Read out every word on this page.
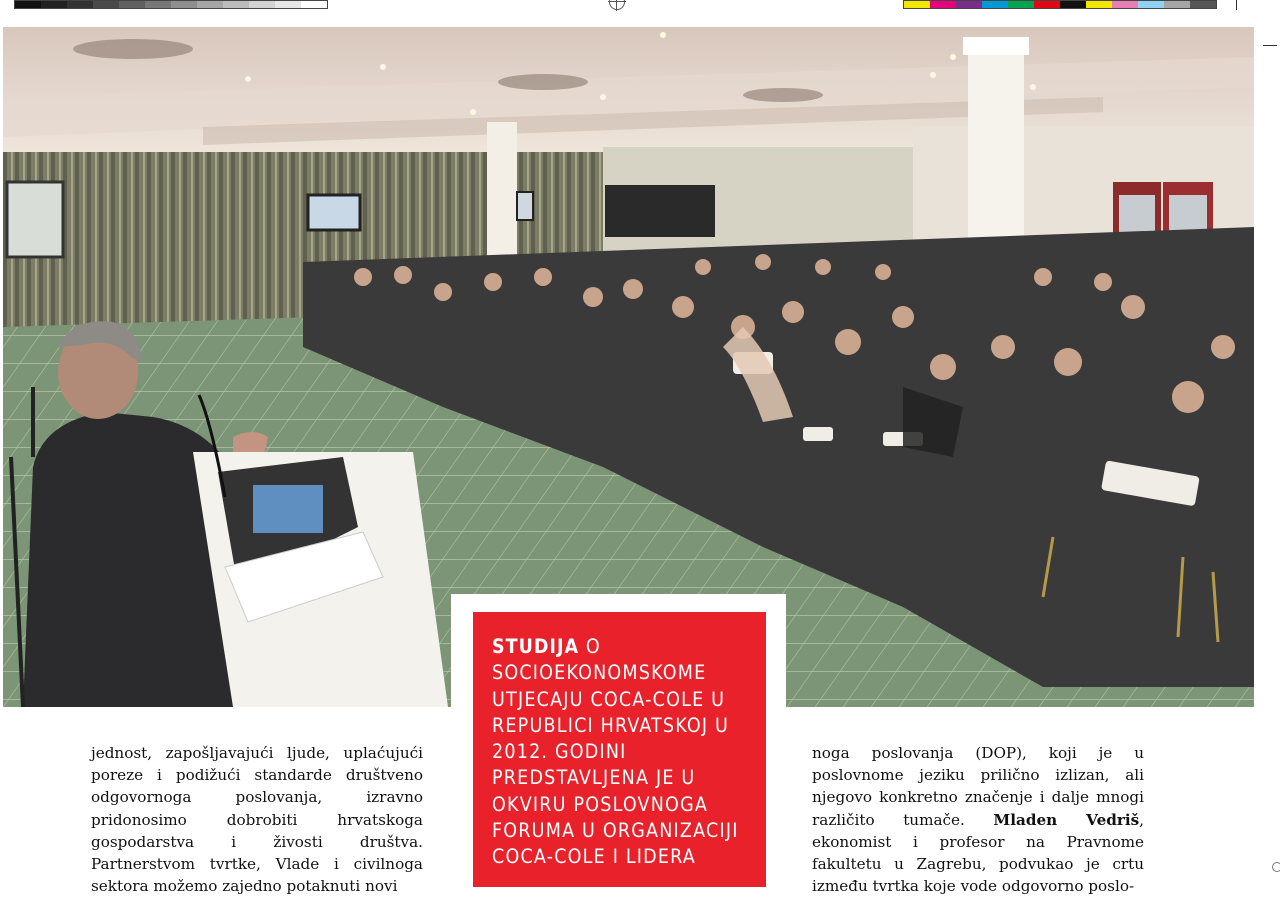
STUDIJA O SOCIOEKONOMSKOME UTJECAJU COCA-COLE U REPUBLICI HRVATSKOJ U 2012. GODINI PREDSTAVLJENA JE U OKVIRU POSLOVNOGA FORUMA U ORGANIZACIJI COCA-COLE I LIDERA

jednost, zapošljavajući ljude, uplaćujući poreze i podižući standarde društveno odgovornoga poslovanja, izravno pridonosimo dobrobiti hrvatskoga gospodarstva i živosti društva. Partnerstvom tvrtke, Vlade i civilnoga sektora možemo zajedno potaknuti novi

noga poslovanja (DOP), koji je u poslovnome jeziku prilično izlizan, ali njegovo konkretno značenje i dalje mnogi različito tumače. Mladen Vedriš, ekonomist i profesor na Pravnome fakultetu u Zagrebu, podvukao je crtu između tvrtka koje vode odgovorno poslo-
